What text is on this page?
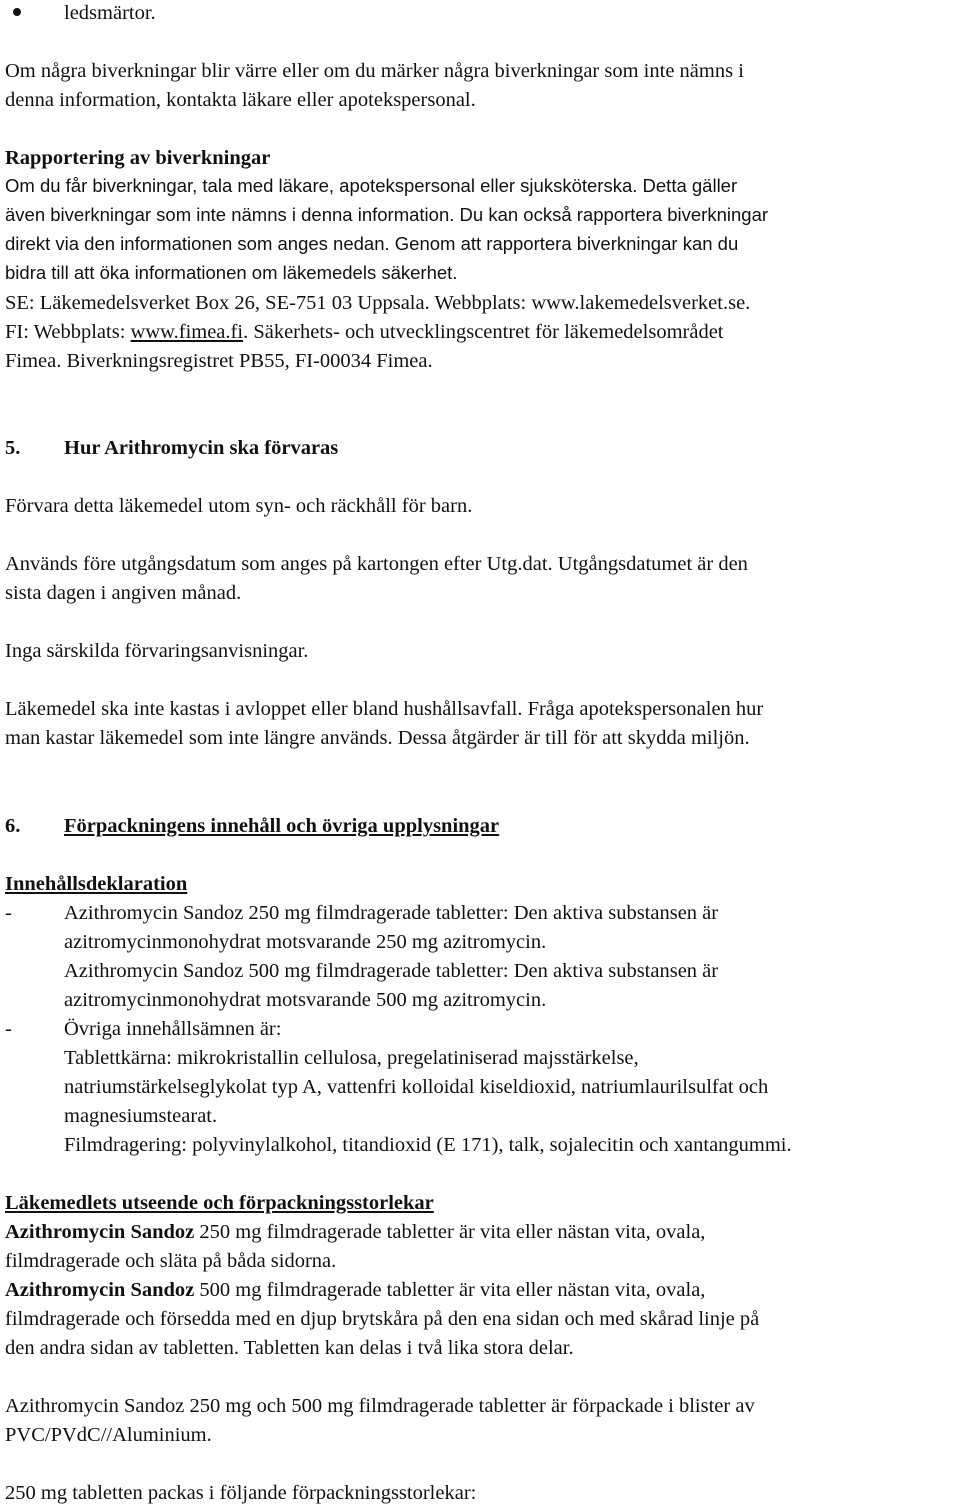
ledsmärtor.
Om några biverkningar blir värre eller om du märker några biverkningar som inte nämns i
denna information, kontakta läkare eller apotekspersonal.
Rapportering av biverkningar
Om du får biverkningar, tala med läkare, apotekspersonal eller sjuksköterska. Detta gäller
även biverkningar som inte nämns i denna information. Du kan också rapportera biverkningar
direkt via den informationen som anges nedan. Genom att rapportera biverkningar kan du
bidra till att öka informationen om läkemedels säkerhet.
SE: Läkemedelsverket Box 26, SE-751 03 Uppsala. Webbplats: www.lakemedelsverket.se.
FI: Webbplats: www.fimea.fi. Säkerhets- och utvecklingscentret för läkemedelsområdet
Fimea. Biverkningsregistret PB55, FI-00034 Fimea.
5. Hur Arithromycin ska förvaras
Förvara detta läkemedel utom syn- och räckhåll för barn.
Används före utgångsdatum som anges på kartongen efter Utg.dat. Utgångsdatumet är den
sista dagen i angiven månad.
Inga särskilda förvaringsanvisningar.
Läkemedel ska inte kastas i avloppet eller bland hushållsavfall. Fråga apotekspersonalen hur
man kastar läkemedel som inte längre används. Dessa åtgärder är till för att skydda miljön.
6. Förpackningens innehåll och övriga upplysningar
Innehållsdeklaration
-	Azithromycin Sandoz 250 mg filmdragerade tabletter: Den aktiva substansen är
azitromycinmonohydrat motsvarande 250 mg azitromycin.
Azithromycin Sandoz 500 mg filmdragerade tabletter: Den aktiva substansen är
azitromycinmonohydrat motsvarande 500 mg azitromycin.
-	Övriga innehållsämnen är:
Tablettkärna: mikrokristallin cellulosa, pregelatiniserad majsstärkelse,
natriumstärkelseglykolat typ A, vattenfri kolloidal kiseldioxid, natriumlaurilsulfat och
magnesiumstearat.
Filmdragering: polyvinylalkohol, titandioxid (E 171), talk, sojalecitin och xantangummi.
Läkemedlets utseende och förpackningsstorlekar
Azithromycin Sandoz 250 mg filmdragerade tabletter är vita eller nästan vita, ovala,
filmdragerade och släta på båda sidorna.
Azithromycin Sandoz 500 mg filmdragerade tabletter är vita eller nästan vita, ovala,
filmdragerade och försedda med en djup brytskåra på den ena sidan och med skårad linje på
den andra sidan av tabletten. Tabletten kan delas i två lika stora delar.
Azithromycin Sandoz 250 mg och 500 mg filmdragerade tabletter är förpackade i blister av
PVC/PVdC//Aluminium.
250 mg tabletten packas i följande förpackningsstorlekar:
